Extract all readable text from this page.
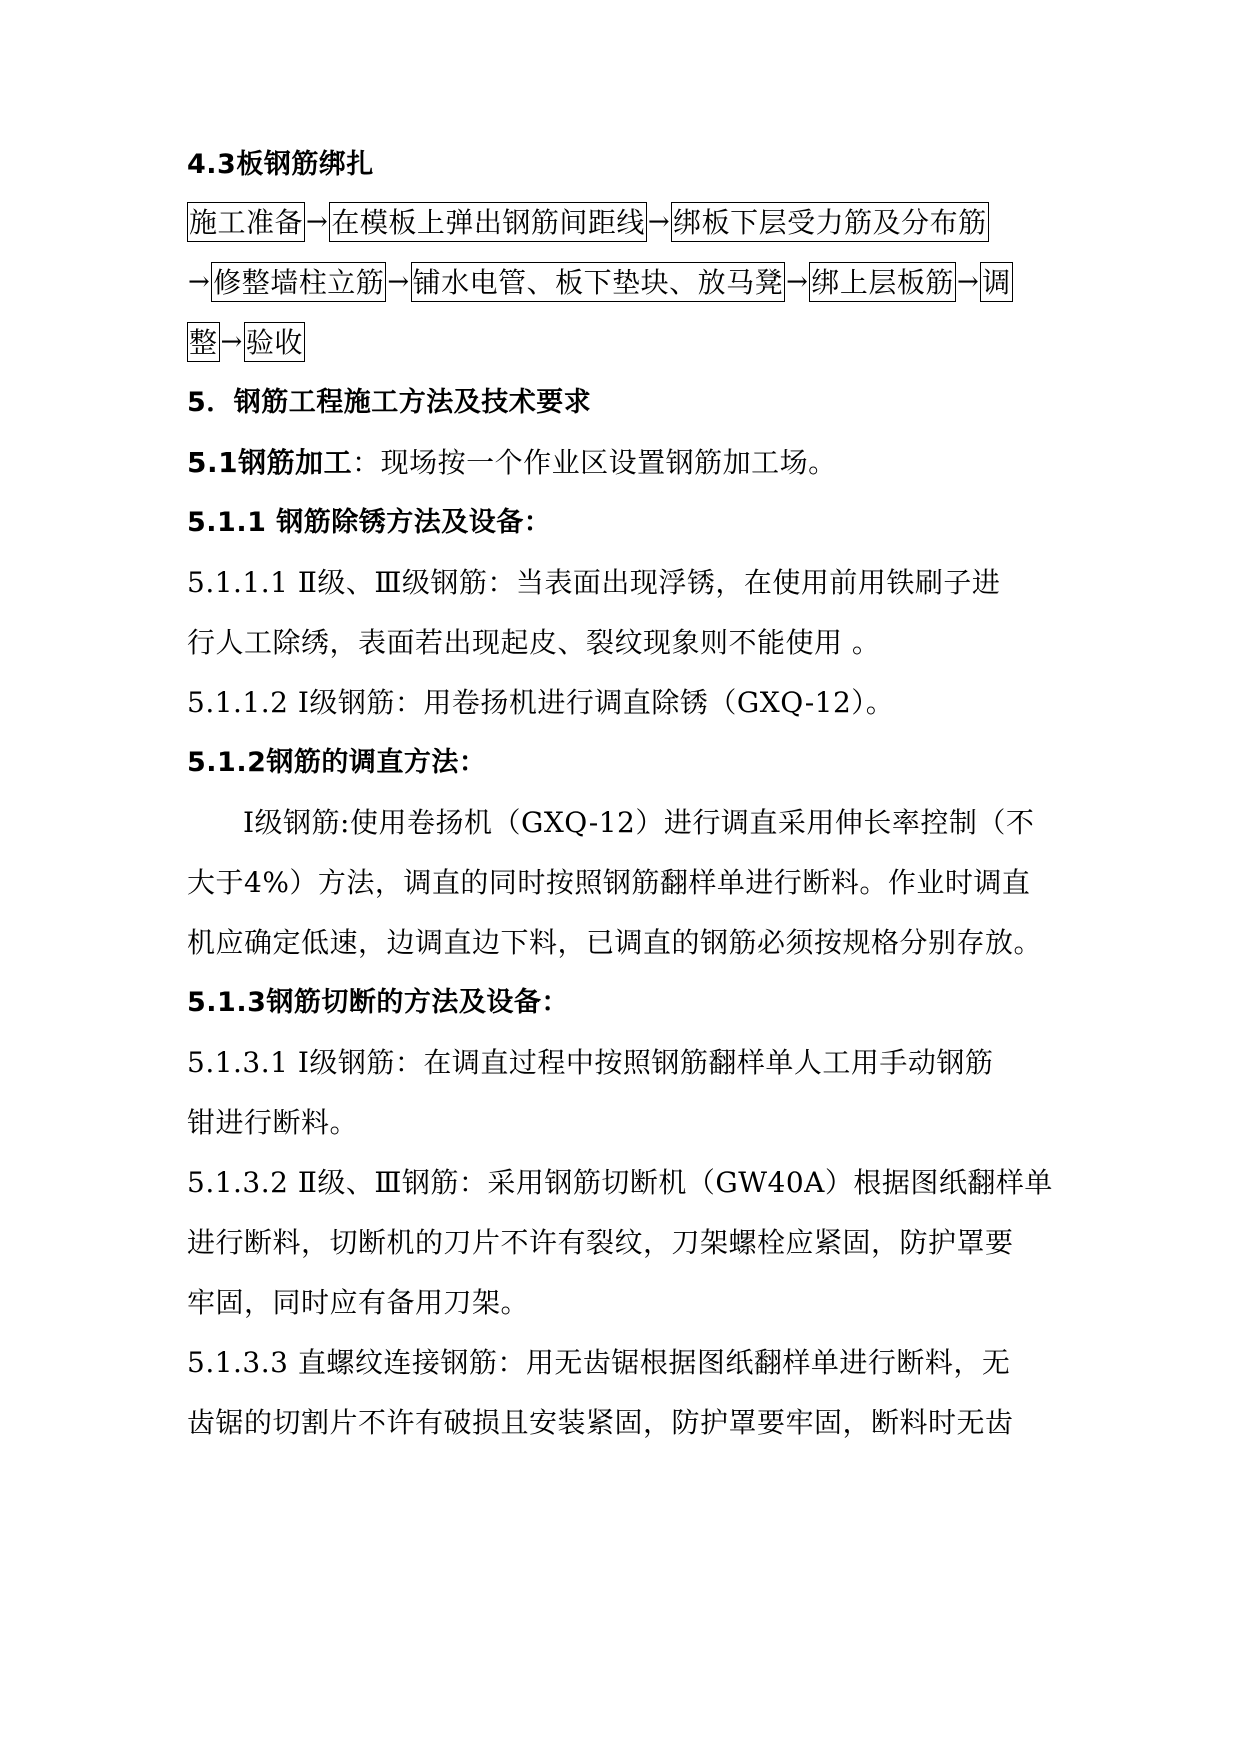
4.3板钢筋绑扎
施工准备 → 在模板上弹出钢筋间距线 → 绑板下层受力筋及分布筋
→ 修整墙柱立筋 → 铺水电管、板下垫块、放马凳 → 绑上层板筋 → 调
整 → 验收
5．钢筋工程施工方法及技术要求
5.1钢筋加工：现场按一个作业区设置钢筋加工场。
5.1.1 钢筋除锈方法及设备：
5.1.1.1 Ⅱ级、Ⅲ级钢筋：当表面出现浮锈，在使用前用铁刷子进
行人工除绣，表面若出现起皮、裂纹现象则不能使用 。
5.1.1.2 Ⅰ级钢筋：用卷扬机进行调直除锈（GXQ-12）。
5.1.2钢筋的调直方法：
Ⅰ级钢筋:使用卷扬机（GXQ-12）进行调直采用伸长率控制（不
大于4%）方法，调直的同时按照钢筋翻样单进行断料。作业时调直
机应确定低速，边调直边下料，已调直的钢筋必须按规格分别存放。
5.1.3钢筋切断的方法及设备：
5.1.3.1 Ⅰ级钢筋：在调直过程中按照钢筋翻样单人工用手动钢筋
钳进行断料。
5.1.3.2 Ⅱ级、Ⅲ钢筋：采用钢筋切断机（GW40A）根据图纸翻样单
进行断料，切断机的刀片不许有裂纹，刀架螺栓应紧固，防护罩要
牢固，同时应有备用刀架。
5.1.3.3 直螺纹连接钢筋：用无齿锯根据图纸翻样单进行断料，无
齿锯的切割片不许有破损且安装紧固，防护罩要牢固，断料时无齿
